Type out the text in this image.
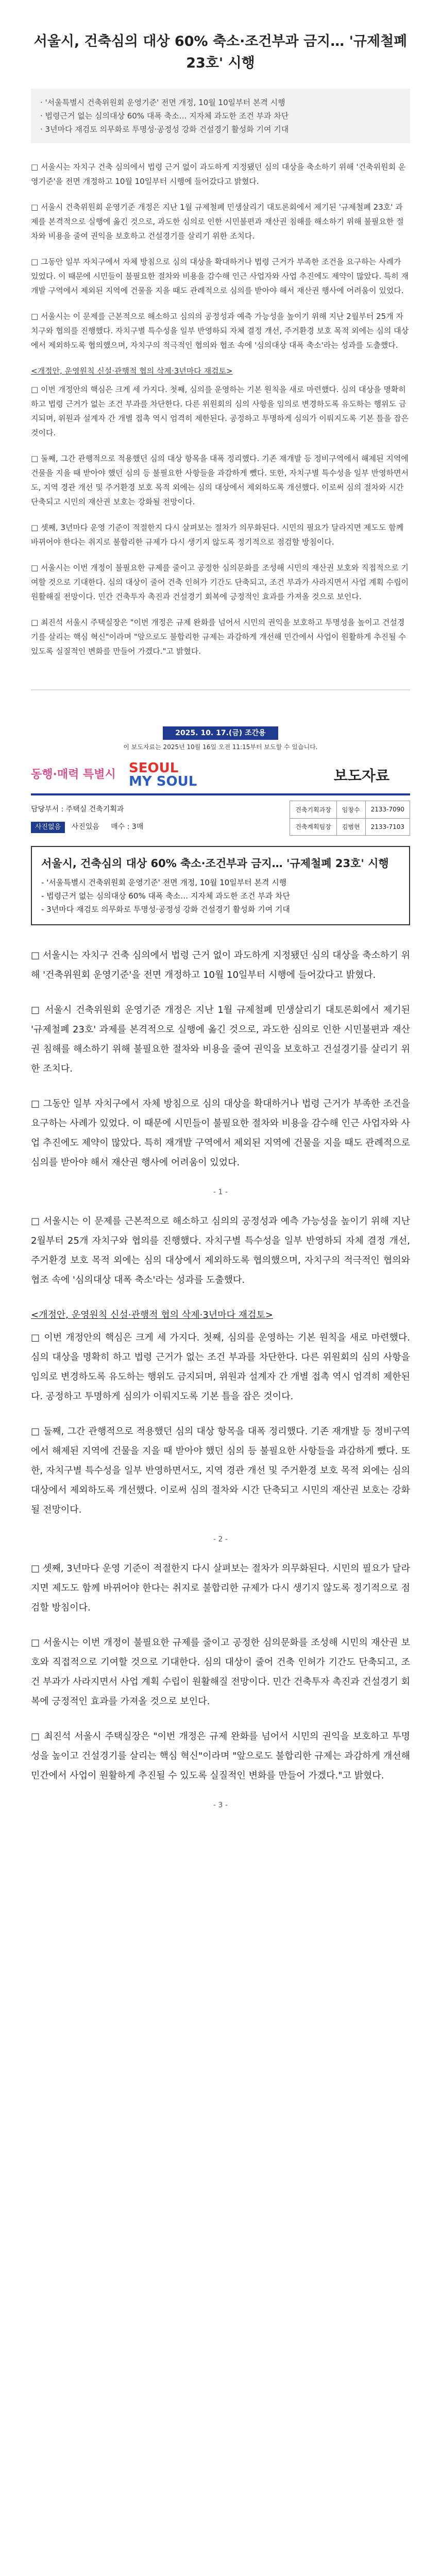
서울시, 건축심의 대상 60% 축소·조건부과 금지… '규제철폐 23호' 시행
· '서울특별시 건축위원회 운영기준' 전면 개정, 10월 10일부터 본격 시행
· 법령근거 없는 심의대상 60% 대폭 축소… 지자체 과도한 조건 부과 차단
· 3년마다 재검토 의무화로 투명성·공정성 강화 건설경기 활성화 기여 기대

□ 서울시는 자치구 건축 심의에서 법령 근거 없이 과도하게 지정됐던 심의 대상을 축소하기 위해 '건축위원회 운영기준'을 전면 개정하고 10월 10일부터 시행에 들어갔다고 밝혔다.

□ 서울시 건축위원회 운영기준 개정은 지난 1월 규제철폐 민생살리기 대토론회에서 제기된 '규제철폐 23호' 과제를 본격적으로 실행에 옮긴 것으로, 과도한 심의로 인한 시민불편과 재산권 침해를 해소하기 위해 불필요한 절차와 비용을 줄여 권익을 보호하고 건설경기를 살리기 위한 조치다.

□ 그동안 일부 자치구에서 자체 방침으로 심의 대상을 확대하거나 법령 근거가 부족한 조건을 요구하는 사례가 있었다. 이 때문에 시민들이 불필요한 절차와 비용을 감수해 인근 사업자와 사업 추진에도 제약이 많았다. 특히 재개발 구역에서 제외된 지역에 건물을 지을 때도 관례적으로 심의를 받아야 해서 재산권 행사에 어려움이 있었다.

□ 서울시는 이 문제를 근본적으로 해소하고 심의의 공정성과 예측 가능성을 높이기 위해 지난 2월부터 25개 자치구와 협의를 진행했다. 자치구별 특수성을 일부 반영하되 자체 결정 개선, 주거환경 보호 목적 외에는 심의 대상에서 제외하도록 협의했으며, 자치구의 적극적인 협의와 협조 속에 '심의대상 대폭 축소'라는 성과를 도출했다.

<개정안, 운영원칙 신설·관행적 협의 삭제·3년마다 재검토>

□ 이번 개정안의 핵심은 크게 세 가지다. 첫째, 심의를 운영하는 기본 원칙을 새로 마련했다. 심의 대상을 명확히 하고 법령 근거가 없는 조건 부과를 차단한다. 다른 위원회의 심의 사항을 임의로 변경하도록 유도하는 행위도 금지되며, 위원과 설계자 간 개별 접촉 역시 엄격히 제한된다. 공정하고 투명하게 심의가 이뤄지도록 기본 틀을 잡은 것이다.

□ 둘째, 그간 관행적으로 적용했던 심의 대상 항목을 대폭 정리했다. 기존 재개발 등 정비구역에서 해제된 지역에 건물을 지을 때 받아야 했던 심의 등 불필요한 사항들을 과감하게 뺐다. 또한, 자치구별 특수성을 일부 반영하면서도, 지역 경관 개선 및 주거환경 보호 목적 외에는 심의 대상에서 제외하도록 개선했다. 이로써 심의 절차와 시간 단축되고 시민의 재산권 보호는 강화될 전망이다.

□ 셋째, 3년마다 운영 기준이 적절한지 다시 살펴보는 절차가 의무화된다. 시민의 필요가 달라지면 제도도 함께 바뀌어야 한다는 취지로 불합리한 규제가 다시 생기지 않도록 정기적으로 점검할 방침이다.

□ 서울시는 이번 개정이 불필요한 규제를 줄이고 공정한 심의문화를 조성해 시민의 재산권 보호와 직접적으로 기여할 것으로 기대한다. 심의 대상이 줄어 건축 인허가 기간도 단축되고, 조건 부과가 사라지면서 사업 계획 수립이 원활해질 전망이다. 민간 건축투자 촉진과 건설경기 회복에 긍정적인 효과를 가져올 것으로 보인다.

□ 최진석 서울시 주택실장은 "이번 개정은 규제 완화를 넘어서 시민의 권익을 보호하고 투명성을 높이고 건설경기를 살리는 핵심 혁신"이라며 "앞으로도 불합리한 규제는 과감하게 개선해 민간에서 사업이 원활하게 추진될 수 있도록 실질적인 변화를 만들어 가겠다."고 밝혔다.

2025. 10. 17.(금) 조간용
이 보도자료는 2025년 10월 16일 오전 11:15부터 보도할 수 있습니다.
동행·매력 특별시 SEOUL
MY SOUL	보도자료
담당부서 : 주택실 건축기획과
사진없음 사진있음 매수 : 3매
건축기획과장	임창수	2133-7090
건축계획팀장	김범현	2133-7103
서울시, 건축심의 대상 60% 축소·조건부과 금지… '규제철폐 23호' 시행
- '서울특별시 건축위원회 운영기준' 전면 개정, 10월 10일부터 본격 시행
- 법령근거 없는 심의대상 60% 대폭 축소… 지자체 과도한 조건 부과 차단
- 3년마다 재검토 의무화로 투명성·공정성 강화 건설경기 활성화 기여 기대

□ 서울시는 자치구 건축 심의에서 법령 근거 없이 과도하게 지정됐던 심의 대상을 축소하기 위해 '건축위원회 운영기준'을 전면 개정하고 10월 10일부터 시행에 들어갔다고 밝혔다.

□ 서울시 건축위원회 운영기준 개정은 지난 1월 규제철폐 민생살리기 대토론회에서 제기된 '규제철폐 23호' 과제를 본격적으로 실행에 옮긴 것으로, 과도한 심의로 인한 시민불편과 재산권 침해를 해소하기 위해 불필요한 절차와 비용을 줄여 권익을 보호하고 건설경기를 살리기 위한 조치다.

□ 그동안 일부 자치구에서 자체 방침으로 심의 대상을 확대하거나 법령 근거가 부족한 조건을 요구하는 사례가 있었다. 이 때문에 시민들이 불필요한 절차와 비용을 감수해 인근 사업자와 사업 추진에도 제약이 많았다. 특히 재개발 구역에서 제외된 지역에 건물을 지을 때도 관례적으로 심의를 받아야 해서 재산권 행사에 어려움이 있었다.

- 1 -

□ 서울시는 이 문제를 근본적으로 해소하고 심의의 공정성과 예측 가능성을 높이기 위해 지난 2월부터 25개 자치구와 협의를 진행했다. 자치구별 특수성을 일부 반영하되 자체 결정 개선, 주거환경 보호 목적 외에는 심의 대상에서 제외하도록 협의했으며, 자치구의 적극적인 협의와 협조 속에 '심의대상 대폭 축소'라는 성과를 도출했다.

<개정안, 운영원칙 신설·관행적 협의 삭제·3년마다 재검토>

□ 이번 개정안의 핵심은 크게 세 가지다. 첫째, 심의를 운영하는 기본 원칙을 새로 마련했다. 심의 대상을 명확히 하고 법령 근거가 없는 조건 부과를 차단한다. 다른 위원회의 심의 사항을 임의로 변경하도록 유도하는 행위도 금지되며, 위원과 설계자 간 개별 접촉 역시 엄격히 제한된다. 공정하고 투명하게 심의가 이뤄지도록 기본 틀을 잡은 것이다.

□ 둘째, 그간 관행적으로 적용했던 심의 대상 항목을 대폭 정리했다. 기존 재개발 등 정비구역에서 해제된 지역에 건물을 지을 때 받아야 했던 심의 등 불필요한 사항들을 과감하게 뺐다. 또한, 자치구별 특수성을 일부 반영하면서도, 지역 경관 개선 및 주거환경 보호 목적 외에는 심의 대상에서 제외하도록 개선했다. 이로써 심의 절차와 시간 단축되고 시민의 재산권 보호는 강화될 전망이다.

- 2 -

□ 셋째, 3년마다 운영 기준이 적절한지 다시 살펴보는 절차가 의무화된다. 시민의 필요가 달라지면 제도도 함께 바뀌어야 한다는 취지로 불합리한 규제가 다시 생기지 않도록 정기적으로 점검할 방침이다.

□ 서울시는 이번 개정이 불필요한 규제를 줄이고 공정한 심의문화를 조성해 시민의 재산권 보호와 직접적으로 기여할 것으로 기대한다. 심의 대상이 줄어 건축 인허가 기간도 단축되고, 조건 부과가 사라지면서 사업 계획 수립이 원활해질 전망이다. 민간 건축투자 촉진과 건설경기 회복에 긍정적인 효과를 가져올 것으로 보인다.

□ 최진석 서울시 주택실장은 "이번 개정은 규제 완화를 넘어서 시민의 권익을 보호하고 투명성을 높이고 건설경기를 살리는 핵심 혁신"이라며 "앞으로도 불합리한 규제는 과감하게 개선해 민간에서 사업이 원활하게 추진될 수 있도록 실질적인 변화를 만들어 가겠다."고 밝혔다.

- 3 -
